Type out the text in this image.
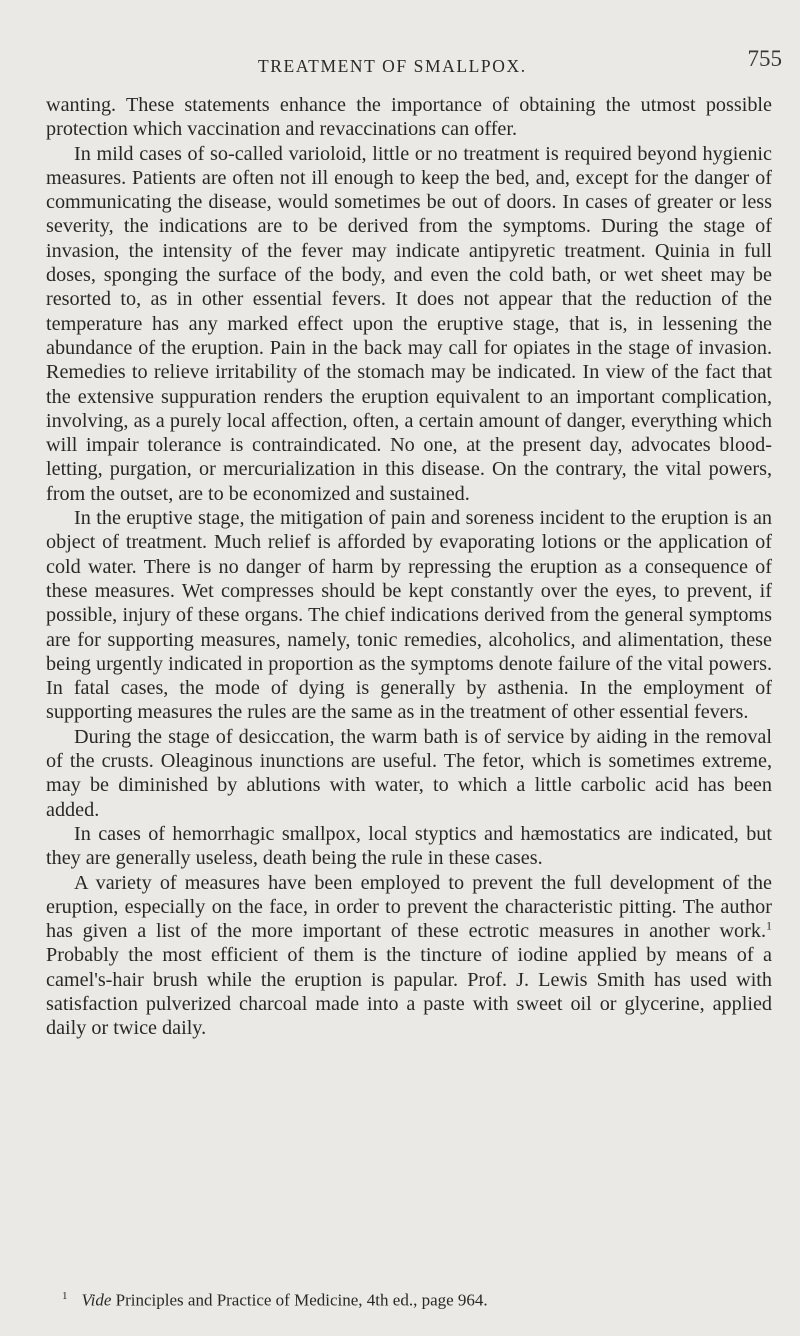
TREATMENT OF SMALLPOX.	755

wanting. These statements enhance the importance of obtaining the utmost possible protection which vaccination and revaccinations can offer.

In mild cases of so-called varioloid, little or no treatment is required beyond hygienic measures. Patients are often not ill enough to keep the bed, and, except for the danger of communicating the disease, would sometimes be out of doors. In cases of greater or less severity, the indications are to be derived from the symptoms. During the stage of invasion, the intensity of the fever may indicate antipyretic treatment. Quinia in full doses, sponging the surface of the body, and even the cold bath, or wet sheet may be resorted to, as in other essential fevers. It does not appear that the reduction of the temperature has any marked effect upon the eruptive stage, that is, in lessening the abundance of the eruption. Pain in the back may call for opiates in the stage of invasion. Remedies to relieve irritability of the stomach may be indicated. In view of the fact that the extensive suppuration renders the eruption equivalent to an important complication, involving, as a purely local affection, often, a certain amount of danger, everything which will impair tolerance is contraindicated. No one, at the present day, advocates blood-letting, purgation, or mercurialization in this disease. On the contrary, the vital powers, from the outset, are to be economized and sustained.

In the eruptive stage, the mitigation of pain and soreness incident to the eruption is an object of treatment. Much relief is afforded by evaporating lotions or the application of cold water. There is no danger of harm by repressing the eruption as a consequence of these measures. Wet compresses should be kept constantly over the eyes, to prevent, if possible, injury of these organs. The chief indications derived from the general symptoms are for supporting measures, namely, tonic remedies, alcoholics, and alimentation, these being urgently indicated in proportion as the symptoms denote failure of the vital powers. In fatal cases, the mode of dying is generally by asthenia. In the employment of supporting measures the rules are the same as in the treatment of other essential fevers.

During the stage of desiccation, the warm bath is of service by aiding in the removal of the crusts. Oleaginous inunctions are useful. The fetor, which is sometimes extreme, may be diminished by ablutions with water, to which a little carbolic acid has been added.

In cases of hemorrhagic smallpox, local styptics and hæmostatics are indicated, but they are generally useless, death being the rule in these cases.

A variety of measures have been employed to prevent the full development of the eruption, especially on the face, in order to prevent the characteristic pitting. The author has given a list of the more important of these ectrotic measures in another work.$^1$ Probably the most efficient of them is the tincture of iodine applied by means of a camel's-hair brush while the eruption is papular. Prof. J. Lewis Smith has used with satisfaction pulverized charcoal made into a paste with sweet oil or glycerine, applied daily or twice daily.

$^1$ Vide Principles and Practice of Medicine, 4th ed., page 964.
